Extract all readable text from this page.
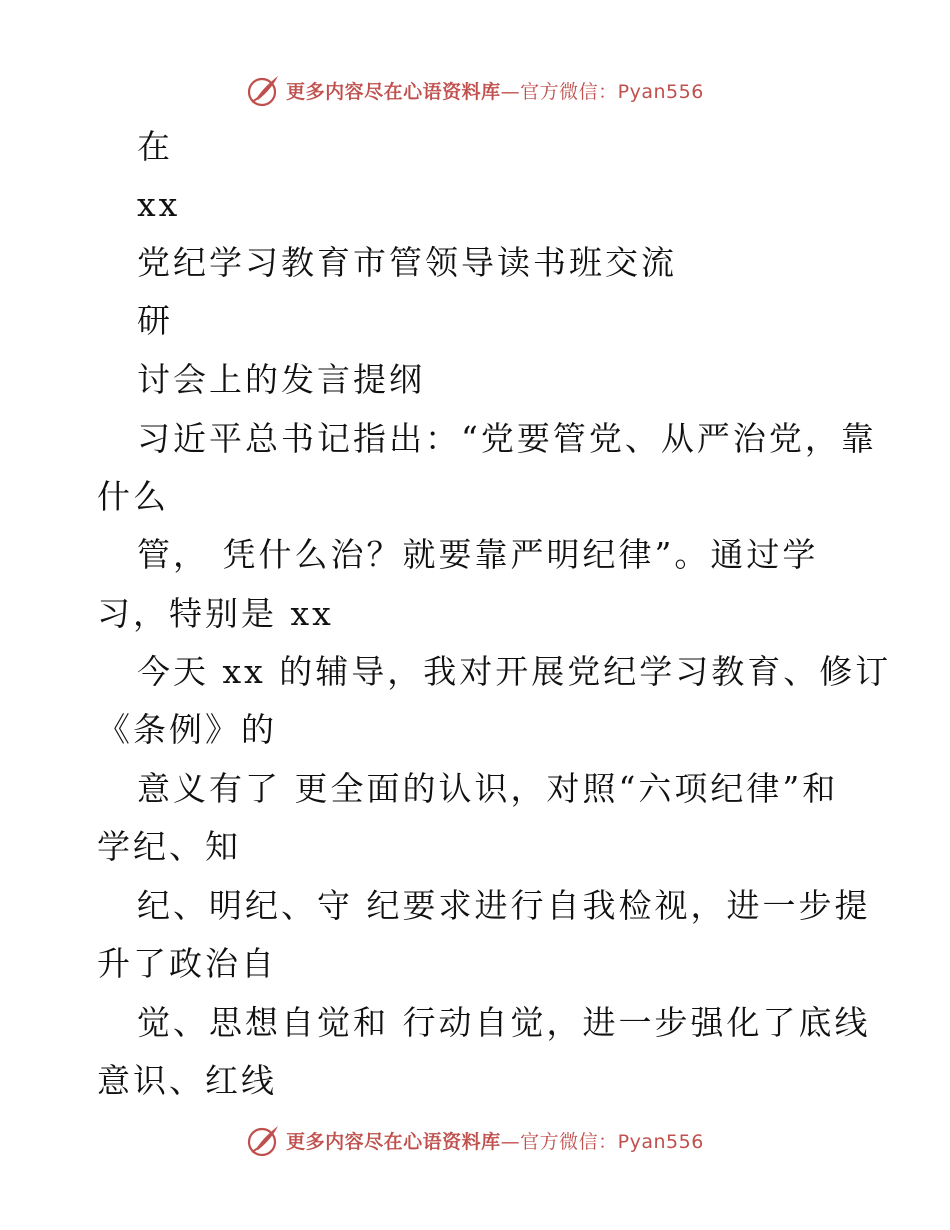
更多内容尽在心语资料库 —官方微信：Pyan556
在
xx
党纪学习教育市管领导读书班交流
研
讨会上的发言提纲
习近平总书记指出：“党要管党、从严治党，靠
什么
管， 凭什么治？就要靠严明纪律”。通过学
习，特别是 xx
今天 xx 的辅导，我对开展党纪学习教育、修订
《条例》的
意义有了 更全面的认识，对照“六项纪律”和
学纪、知
纪、明纪、守 纪要求进行自我检视，进一步提
升了政治自
觉、思想自觉和 行动自觉，进一步强化了底线
意识、红线
更多内容尽在心语资料库 —官方微信：Pyan556
